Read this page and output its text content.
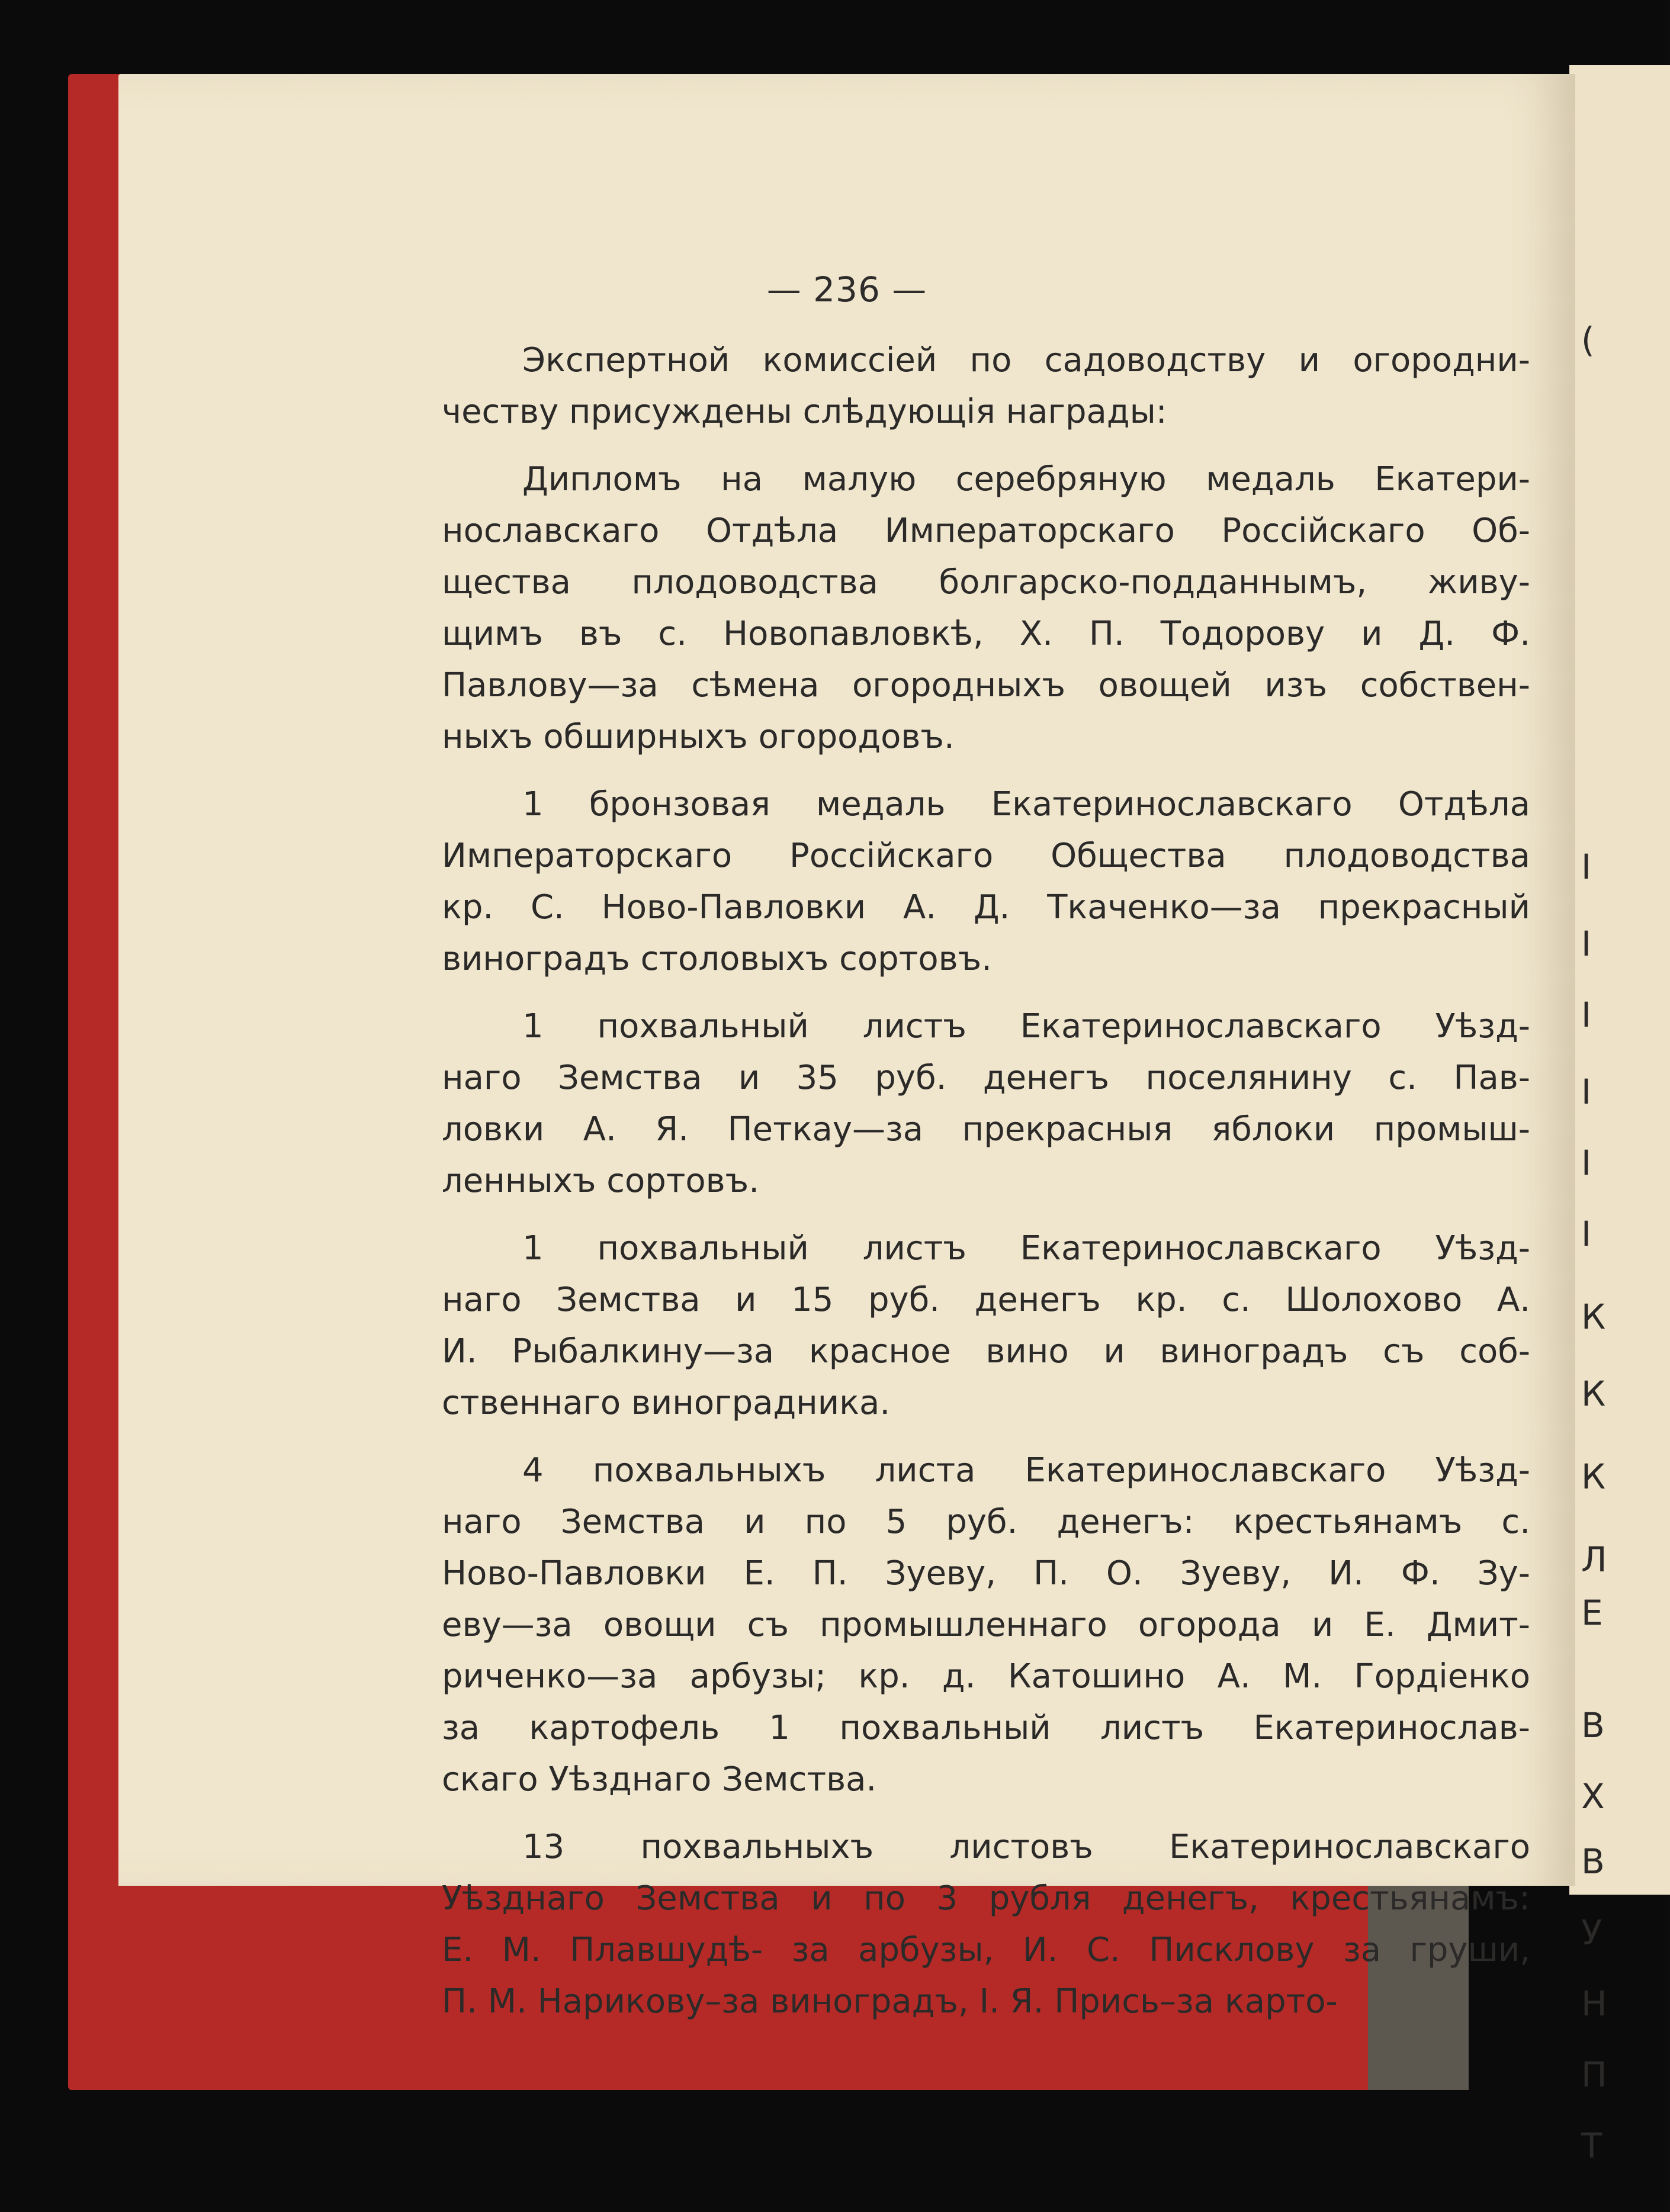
(
І
І
І
І
І
І
К
К
К
Л
Е
В
Х
В
У
Н
П
Т
— 236 —
Экспертной комиссіей по садоводству и огородни-
честву присуждены слѣдующія награды:
Дипломъ на малую серебряную медаль Екатери-
нославскаго Отдѣла Императорскаго Россійскаго Об-
щества плодоводства болгарско-подданнымъ, живу-
щимъ въ с. Новопавловкѣ, Х. П. Тодорову и Д. Ф.
Павлову—за сѣмена огородныхъ овощей изъ собствен-
ныхъ обширныхъ огородовъ.
1 бронзовая медаль Екатеринославскаго Отдѣла
Императорскаго Россійскаго Общества плодоводства
кр. С. Ново-Павловки А. Д. Ткаченко—за прекрасный
виноградъ столовыхъ сортовъ.
1 похвальный листъ Екатеринославскаго Уѣзд-
наго Земства и 35 руб. денегъ поселянину с. Пав-
ловки А. Я. Петкау—за прекрасныя яблоки промыш-
ленныхъ сортовъ.
1 похвальный листъ Екатеринославскаго Уѣзд-
наго Земства и 15 руб. денегъ кр. с. Шолохово А.
И. Рыбалкину—за красное вино и виноградъ съ соб-
ственнаго виноградника.
4 похвальныхъ листа Екатеринославскаго Уѣзд-
наго Земства и по 5 руб. денегъ: крестьянамъ с.
Ново-Павловки Е. П. Зуеву, П. О. Зуеву, И. Ф. Зу-
еву—за овощи съ промышленнаго огорода и Е. Дмит-
риченко—за арбузы; кр. д. Катошино А. М. Гордіенко
за картофель 1 похвальный листъ Екатеринослав-
скаго Уѣзднаго Земства.
13 похвальныхъ листовъ Екатеринославскаго
Уѣзднаго Земства и по 3 рубля денегъ, крестьянамъ:
Е. М. Плавшудѣ- за арбузы, И. С. Писклову за груши,
П. М. Нарикову–за виноградъ, І. Я. Прись–за карто-
